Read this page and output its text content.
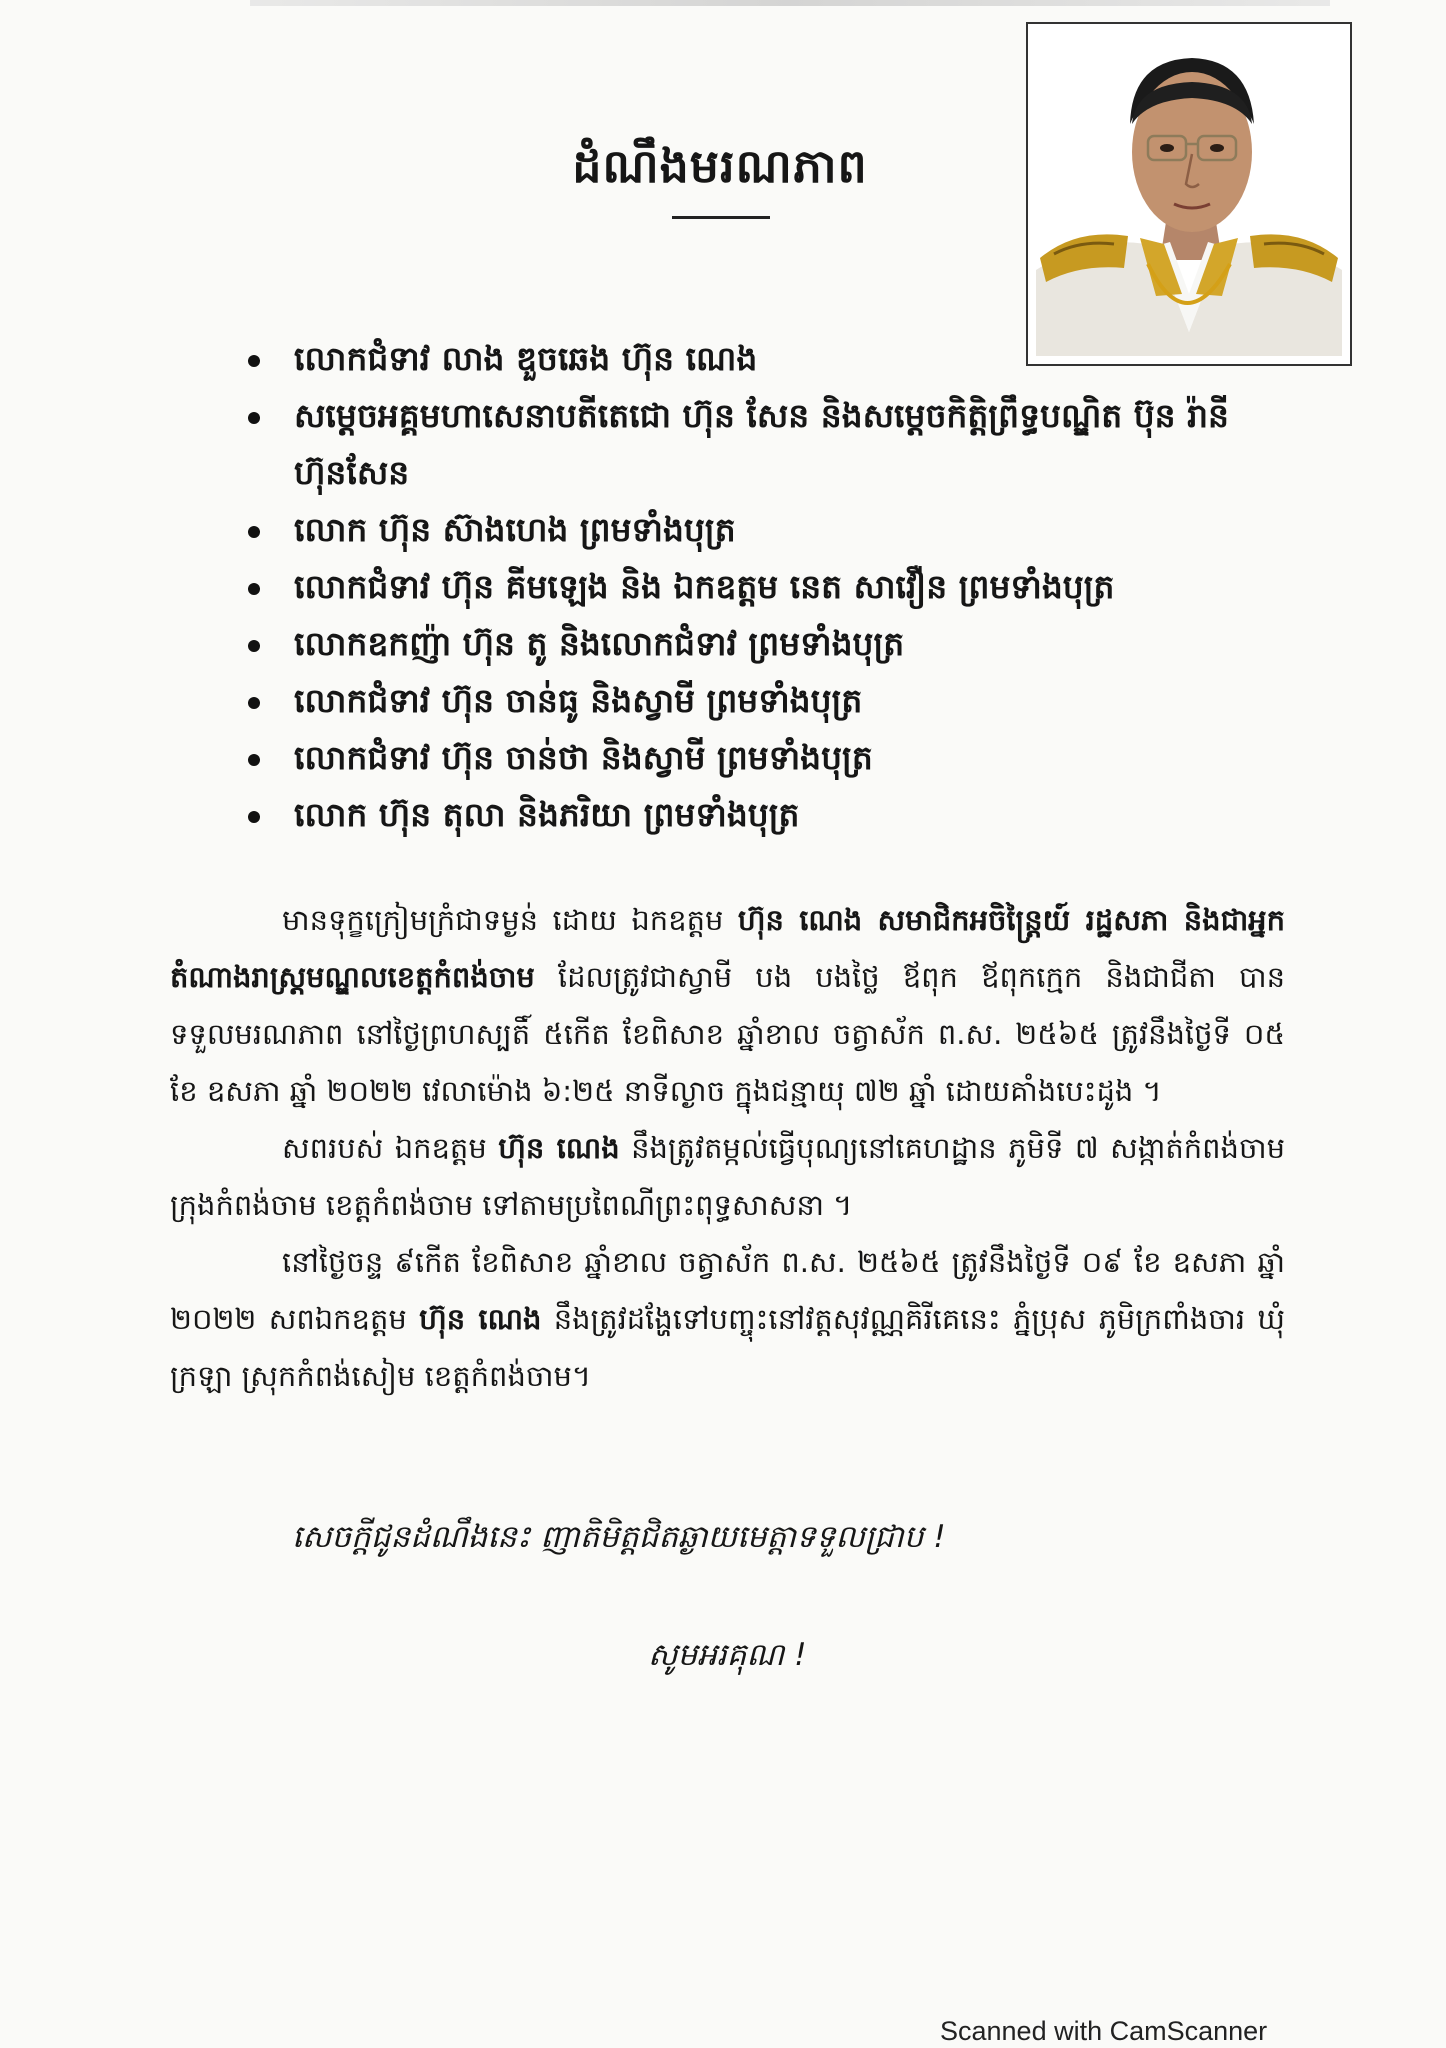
ដំណឹងមរណភាព
លោកជំទាវ លាង ឌួចឆេង ហ៊ុន ណេង
សម្តេចអគ្គមហាសេនាបតីតេជោ ហ៊ុន សែន និងសម្តេចកិត្តិព្រឹទ្ធបណ្ឌិត ប៊ុន រ៉ានី ហ៊ុនសែន
លោក ហ៊ុន ស៊ាងហេង ព្រមទាំងបុត្រ
លោកជំទាវ ហ៊ុន គីមឡេង និង ឯកឧត្តម នេត សាវឿន ព្រមទាំងបុត្រ
លោកឧកញ៉ា ហ៊ុន តូ និងលោកជំទាវ ព្រមទាំងបុត្រ
លោកជំទាវ ហ៊ុន ចាន់ធូ និងស្វាមី ព្រមទាំងបុត្រ
លោកជំទាវ ហ៊ុន ចាន់ថា និងស្វាមី ព្រមទាំងបុត្រ
លោក ហ៊ុន តុលា និងភរិយា ព្រមទាំងបុត្រ

មានទុក្ខក្រៀមក្រំជាទម្ងន់ ដោយ ឯកឧត្តម ហ៊ុន ណេង សមាជិកអចិន្ត្រៃយ៍ រដ្ឋសភា និងជាអ្នកតំណាងរាស្ត្រមណ្ឌលខេត្តកំពង់ចាម ដែលត្រូវជាស្វាមី បង បងថ្លៃ ឪពុក ឪពុកក្មេក និងជាជីតា បានទទួលមរណភាព នៅថ្ងៃព្រហស្បតិ៍ ៥កើត ខែពិសាខ ឆ្នាំខាល ចត្វាស័ក ព.ស. ២៥៦៥ ត្រូវនឹងថ្ងៃទី ០៥ ខែ ឧសភា ឆ្នាំ ២០២២ វេលាម៉ោង ៦:២៥ នាទីល្ងាច ក្នុងជន្មាយុ ៧២ ឆ្នាំ ដោយគាំងបេះដូង ។

សពរបស់ ឯកឧត្តម ហ៊ុន ណេង នឹងត្រូវតម្កល់ធ្វើបុណ្យនៅគេហដ្ឋាន ភូមិទី ៧ សង្កាត់កំពង់ចាម ក្រុងកំពង់ចាម ខេត្តកំពង់ចាម ទៅតាមប្រពៃណីព្រះពុទ្ធសាសនា ។

នៅថ្ងៃចន្ទ ៩កើត ខែពិសាខ ឆ្នាំខាល ចត្វាស័ក ព.ស. ២៥៦៥ ត្រូវនឹងថ្ងៃទី ០៩ ខែ ឧសភា ឆ្នាំ ២០២២ សពឯកឧត្តម ហ៊ុន ណេង នឹងត្រូវដង្ហែទៅបញ្ចុះនៅវត្តសុវណ្ណគិរីគេនេះ ភ្នំប្រុស ភូមិក្រពាំងចារ ឃុំក្រឡា ស្រុកកំពង់សៀម ខេត្តកំពង់ចាម។

សេចក្តីជូនដំណឹងនេះ ញាតិមិត្តជិតឆ្ងាយមេត្តាទទួលជ្រាប !
សូមអរគុណ !
Scanned with CamScanner
